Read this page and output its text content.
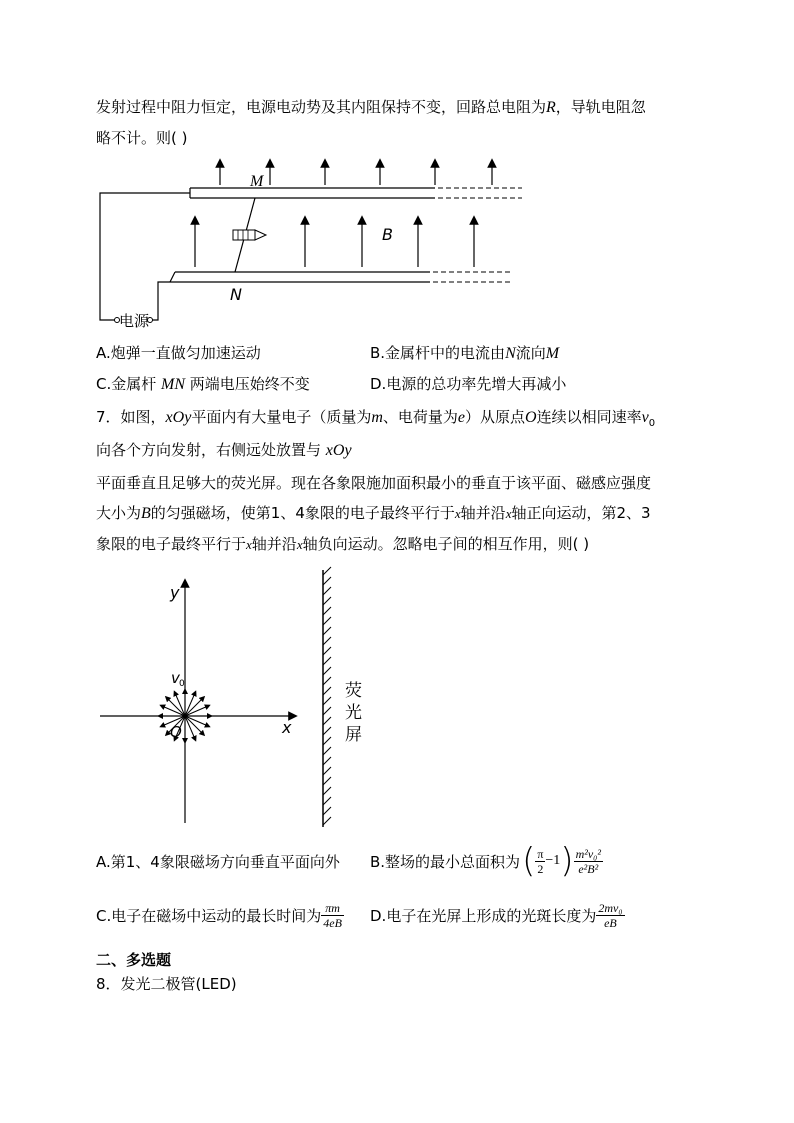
发射过程中阻力恒定，电源电动势及其内阻保持不变，回路总电阻为R，导轨电阻忽
略不计。则( )
M
N
B
电源
A.炮弹一直做匀加速运动	B.金属杆中的电流由N流向M
C.金属杆 MN 两端电压始终不变	D.电源的总功率先增大再减小
7．如图，xOy平面内有大量电子（质量为m、电荷量为e）从原点O连续以相同速率$v_0$
向各个方向发射，右侧远处放置与 xOy
平面垂直且足够大的荧光屏。现在各象限施加面积最小的垂直于该平面、磁感应强度
大小为B的匀强磁场，使第1、4象限的电子最终平行于x轴并沿x轴正向运动，第2、3
象限的电子最终平行于x轴并沿x轴负向运动。忽略电子间的相互作用，则( )
y
x
O
v 0	荧
光
屏
A.第1、4象限磁场方向垂直平面向外 B.整场的最小总面积为 ( $\frac{\pi}{2} -1$ ) $\frac{\text{m²v₀²}}{\text{e²B²}}$
C.电子在磁场中运动的最长时间为 $\frac{\pi m}{4eB} D$.电子在光屏上形成的光斑长度为 $\frac{\text{2mv₀}}{eB}$
二、多选题
8．发光二极管(LED)
